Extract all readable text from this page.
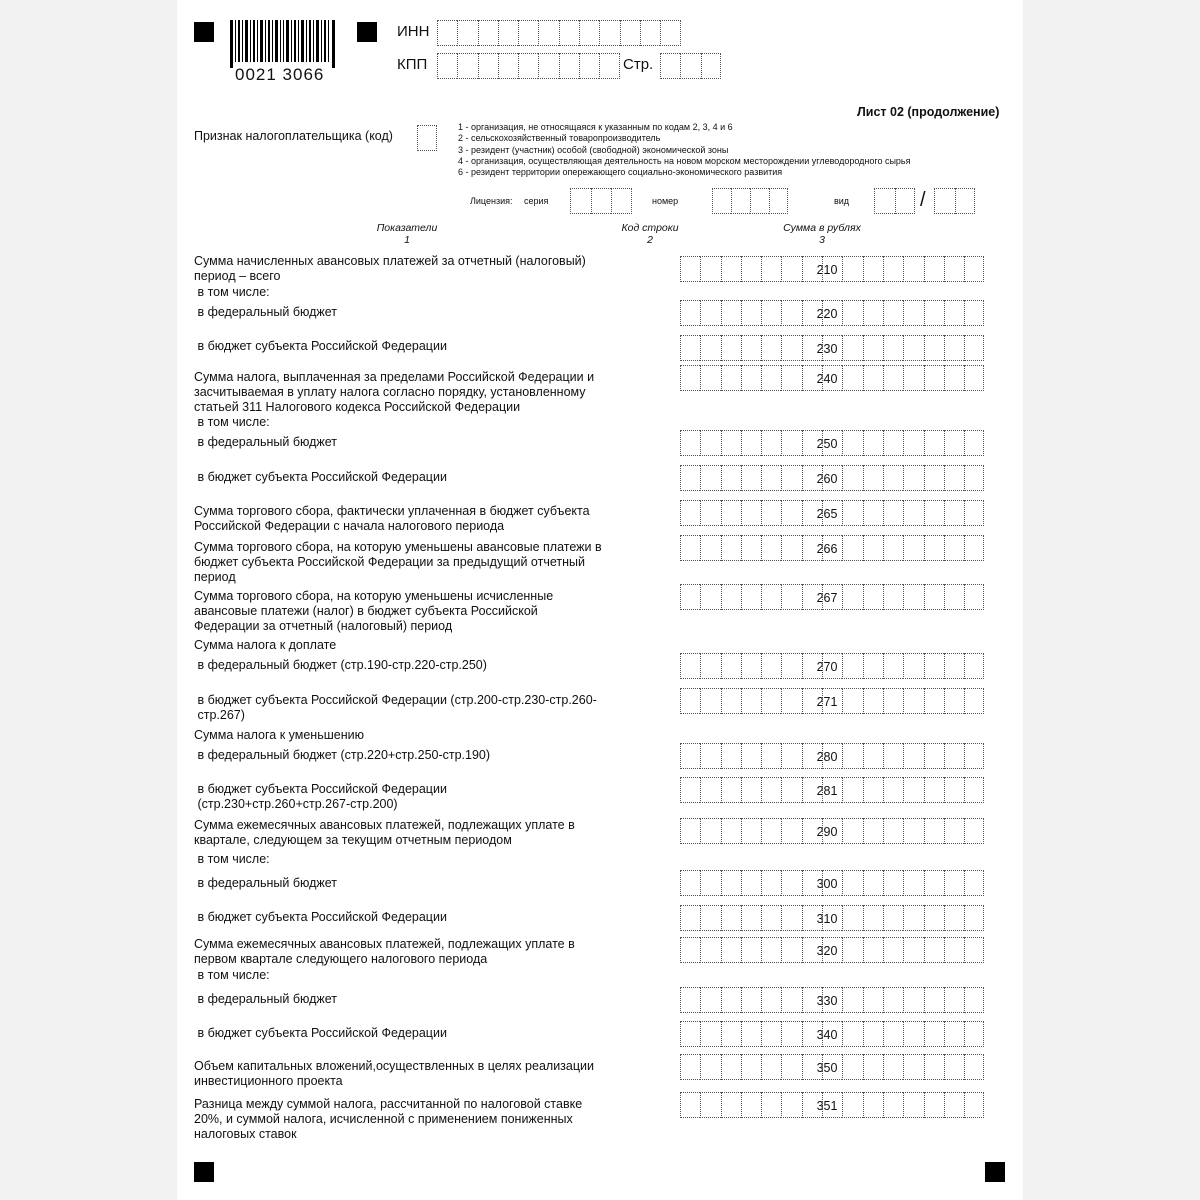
0021 3066
ИНН
КПП	Стр.
Лист 02 (продолжение)
Признак налогоплательщика (код)
1 - организация, не относящаяся к указанным по кодам 2, 3, 4 и 6
2 - сельскохозяйственный товаропроизводитель
3 - резидент (участник) особой (свободной) экономической зоны
4 - организация, осуществляющая деятельность на новом морском месторождении углеводородного сырья
6 - резидент территории опережающего социально-экономического развития
Лицензия: серия	номер	вид	/
Показатели
1
Код строки
2
Сумма в рублях
3
Сумма начисленных авансовых платежей за отчетный (налоговый)
период – всего	210
в том числе:
в федеральный бюджет	220
в бюджет субъекта Российской Федерации	230
Сумма налога, выплаченная за пределами Российской Федерации и
засчитываемая в уплату налога согласно порядку, установленному
статьей 311 Налогового кодекса Российской Федерации
240
в том числе:
в федеральный бюджет	250
в бюджет субъекта Российской Федерации	260
Сумма торгового сбора, фактически уплаченная в бюджет субъекта
Российской Федерации с начала налогового периода
265
Сумма торгового сбора, на которую уменьшены авансовые платежи в
бюджет субъекта Российской Федерации за предыдущий отчетный
период
266
Сумма торгового сбора, на которую уменьшены исчисленные
авансовые платежи (налог) в бюджет субъекта Российской
Федерации за отчетный (налоговый) период
267
Сумма налога к доплате
в федеральный бюджет (стр.190-стр.220-стр.250)	270
в бюджет субъекта Российской Федерации (стр.200-стр.230-стр.260-
стр.267)
271
Сумма налога к уменьшению
в федеральный бюджет (стр.220+стр.250-стр.190)	280
в бюджет субъекта Российской Федерации
(стр.230+стр.260+стр.267-стр.200)
281
Сумма ежемесячных авансовых платежей, подлежащих уплате в
квартале, следующем за текущим отчетным периодом
290
в том числе:
в федеральный бюджет	300
в бюджет субъекта Российской Федерации	310
Сумма ежемесячных авансовых платежей, подлежащих уплате в
первом квартале следующего налогового периода
320
в том числе:
в федеральный бюджет	330
в бюджет субъекта Российской Федерации	340
Объем капитальных вложений,осуществленных в целях реализации
инвестиционного проекта
350
Разница между суммой налога, рассчитанной по налоговой ставке
20%, и суммой налога, исчисленной с применением пониженных
налоговых ставок
351
